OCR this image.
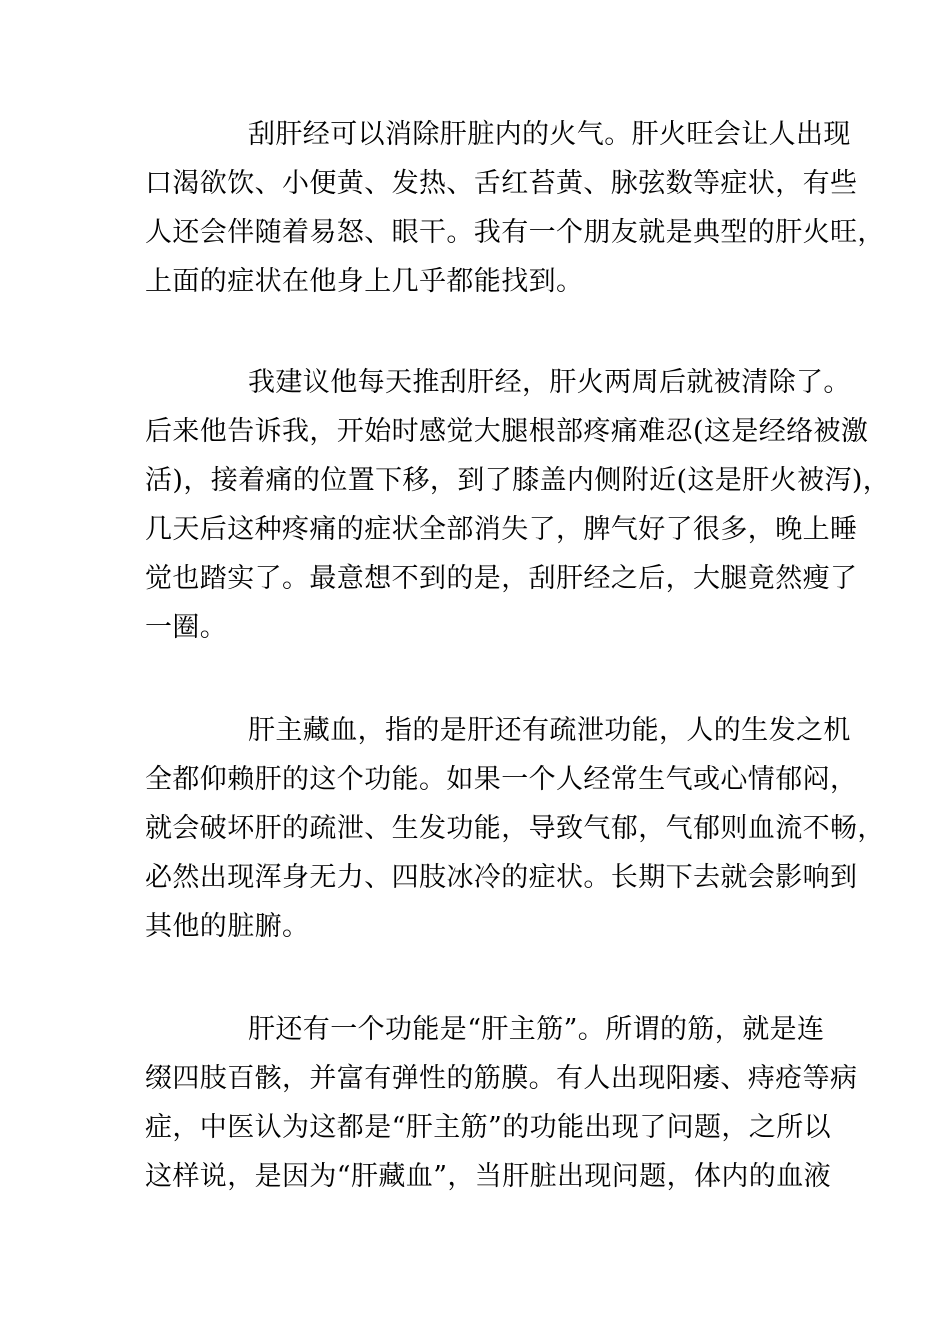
刮肝经可以消除肝脏内的火气。肝火旺会让人出现
口渴欲饮、小便黄、发热、舌红苔黄、脉弦数等症状，有些
人还会伴随着易怒、眼干。我有一个朋友就是典型的肝火旺，
上面的症状在他身上几乎都能找到。
我建议他每天推刮肝经，肝火两周后就被清除了。
后来他告诉我，开始时感觉大腿根部疼痛难忍(这是经络被激
活)，接着痛的位置下移，到了膝盖内侧附近(这是肝火被泻)，
几天后这种疼痛的症状全部消失了，脾气好了很多，晚上睡
觉也踏实了。最意想不到的是，刮肝经之后，大腿竟然瘦了
一圈。
肝主藏血，指的是肝还有疏泄功能，人的生发之机
全都仰赖肝的这个功能。如果一个人经常生气或心情郁闷，
就会破坏肝的疏泄、生发功能，导致气郁，气郁则血流不畅，
必然出现浑身无力、四肢冰冷的症状。长期下去就会影响到
其他的脏腑。
肝还有一个功能是“肝主筋”。所谓的筋，就是连
缀四肢百骸，并富有弹性的筋膜。有人出现阳痿、痔疮等病
症，中医认为这都是“肝主筋”的功能出现了问题，之所以
这样说，是因为“肝藏血”，当肝脏出现问题，体内的血液
